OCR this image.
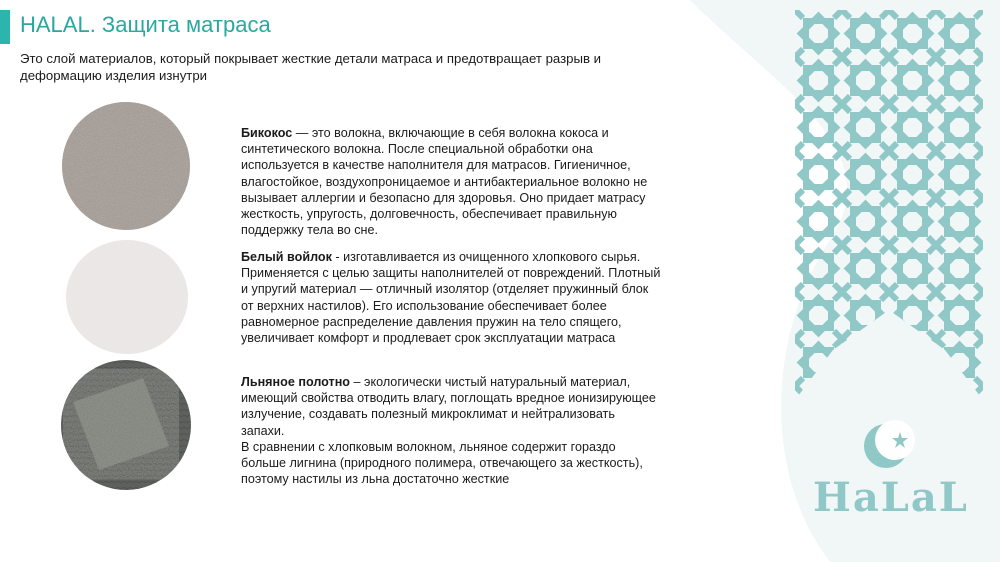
HALAL. Защита матраса
Это слой материалов, который покрывает жесткие детали матраса и предотвращает разрыв и деформацию изделия изнутри

Бикокос — это волокна, включающие в себя волокна кокоса и синтетического волокна. После специальной обработки она используется в качестве наполнителя для матрасов. Гигиеничное, влагостойкое, воздухопроницаемое и антибактериальное волокно не вызывает аллергии и безопасно для здоровья. Оно придает матрасу жесткость, упругость, долговечность, обеспечивает правильную поддержку тела во сне.

Белый войлок - изготавливается из очищенного хлопкового сырья. Применяется с целью защиты наполнителей от повреждений. Плотный и упругий материал — отличный изолятор (отделяет пружинный блок от верхних настилов). Его использование обеспечивает более равномерное распределение давления пружин на тело спящего, увеличивает комфорт и продлевает срок эксплуатации матраса

Льняное полотно – экологически чистый натуральный материал, имеющий свойства отводить влагу, поглощать вредное ионизирующее излучение, создавать полезный микроклимат и нейтрализовать запахи.

В сравнении с хлопковым волокном, льняное содержит гораздо больше лигнина (природного полимера, отвечающего за жесткость), поэтому настилы из льна достаточно жесткие	HaLaL
